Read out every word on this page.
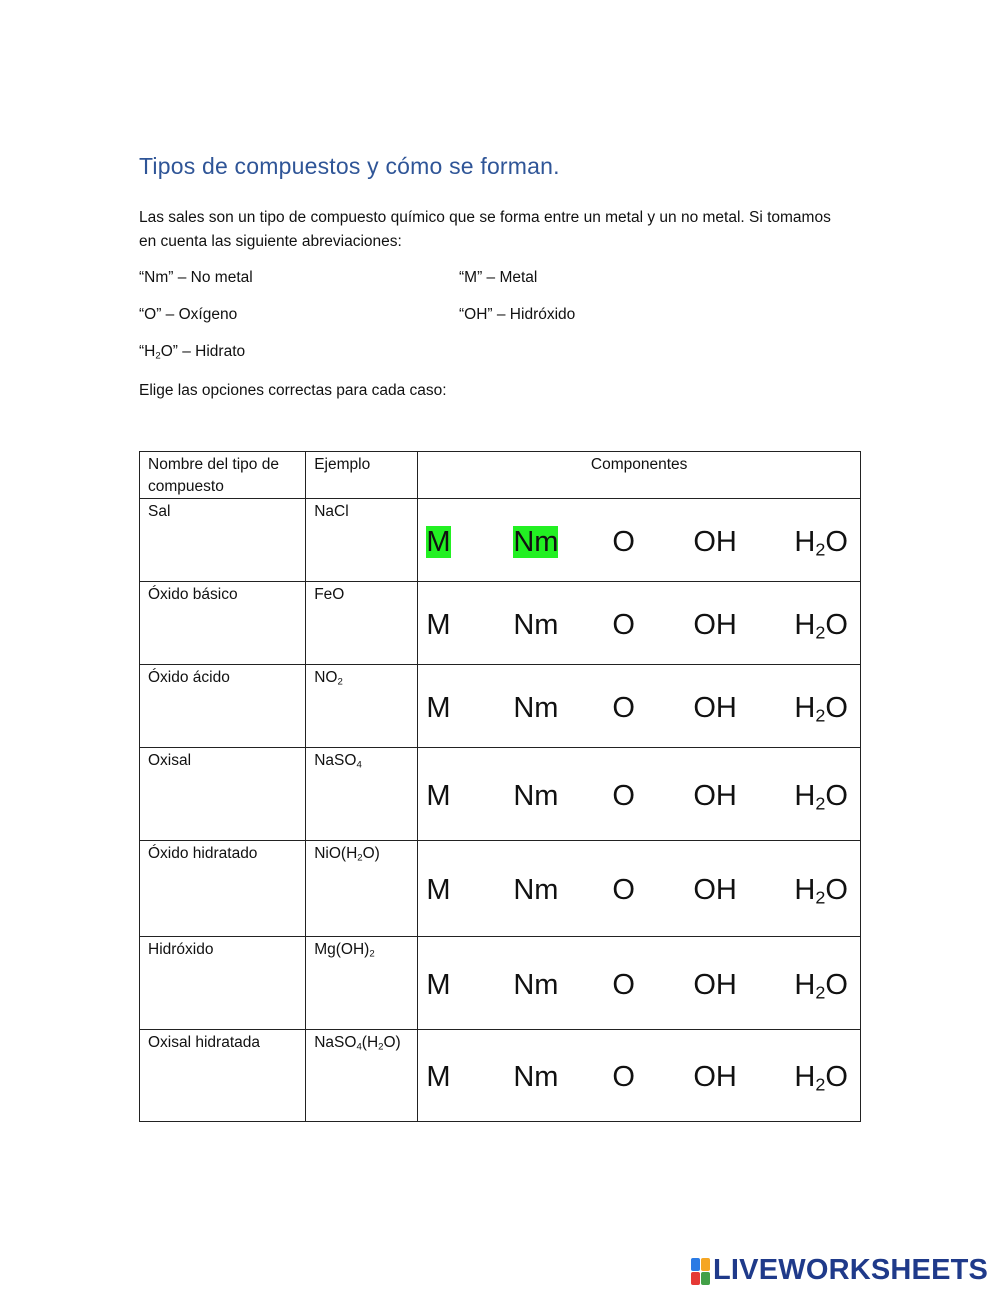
Tipos de compuestos y cómo se forman.
Las sales son un tipo de compuesto químico que se forma entre un metal y un no metal. Si tomamos en cuenta las siguiente abreviaciones:
“Nm” – No metal	“M” – Metal
“O” – Oxígeno	“OH” – Hidróxido
“$H_2O$” – Hidrato
Elige las opciones correctas para cada caso:
Nombre del tipo de compuesto	Ejemplo	Componentes

Sal	NaCl	M Nm O OH $H_2O$

Óxido básico	FeO	M Nm O OH $H_2O$

Óxido ácido	$NO_2$	M Nm O OH $H_2O$

Oxisal	NaSO$_4$	M Nm O OH $H_2O$

Óxido hidratado	$NiO(H_2O)$	M Nm O OH $H_2O$

Hidróxido	$Mg(OH)_2$	M Nm O OH $H_2O$

Oxisal hidratada	$NaSO_4(H_2O)$	M Nm O OH $H_2O$
LIVEWORKSHEETS
